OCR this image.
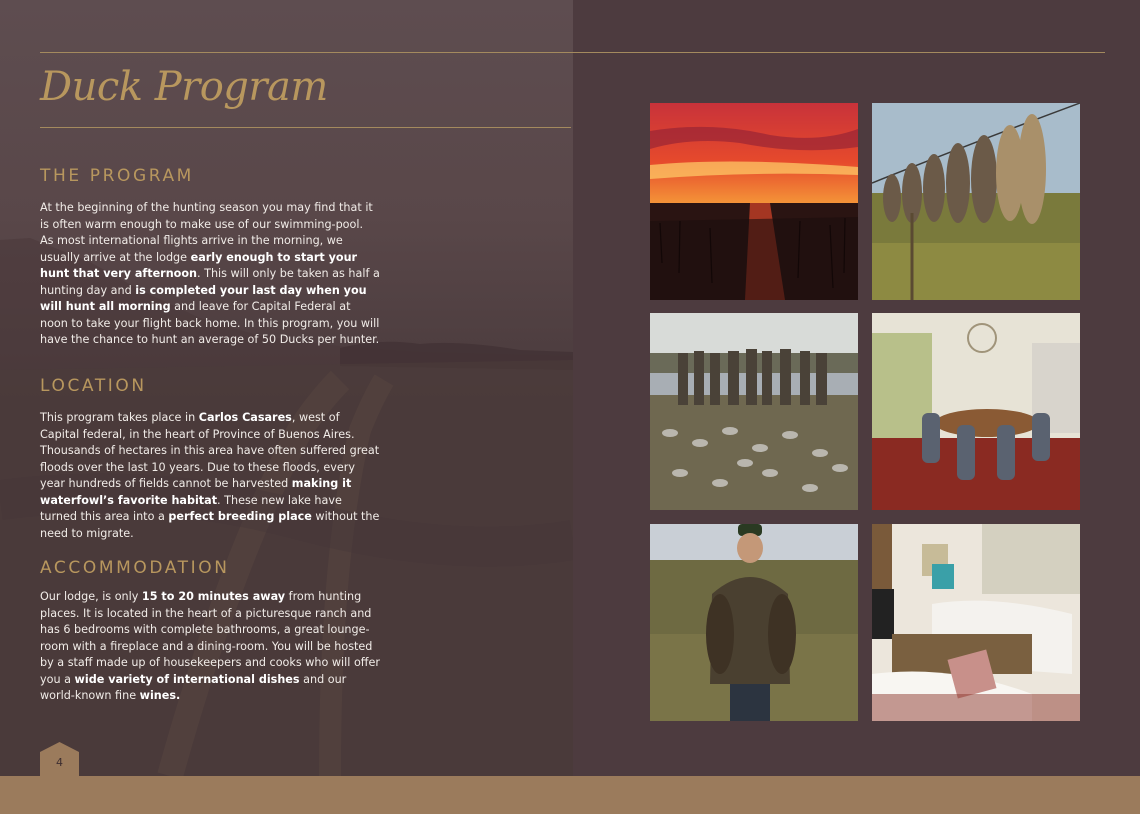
Duck Program
THE PROGRAM

At the beginning of the hunting season you may find that it is often warm enough to make use of our swimming-pool. As most international flights arrive in the morning, we usually arrive at the lodge early enough to start your hunt that very afternoon. This will only be taken as half a hunting day and is completed your last day when you will hunt all morning and leave for Capital Federal at noon to take your flight back home. In this program, you will have the chance to hunt an average of 50 Ducks per hunter.

LOCATION

This program takes place in Carlos Casares, west of Capital federal, in the heart of Province of Buenos Aires. Thousands of hectares in this area have often suffered great floods over the last 10 years. Due to these floods, every year hundreds of fields cannot be harvested making it waterfowl’s favorite habitat. These new lake have turned this area into a perfect breeding place without the need to migrate.

ACCOMMODATION

Our lodge, is only 15 to 20 minutes away from hunting places. It is located in the heart of a picturesque ranch and has 6 bedrooms with complete bathrooms, a great lounge-room with a fireplace and a dining-room. You will be hosted by a staff made up of housekeepers and cooks who will offer you a wide variety of international dishes and our world-known fine wines.

4
